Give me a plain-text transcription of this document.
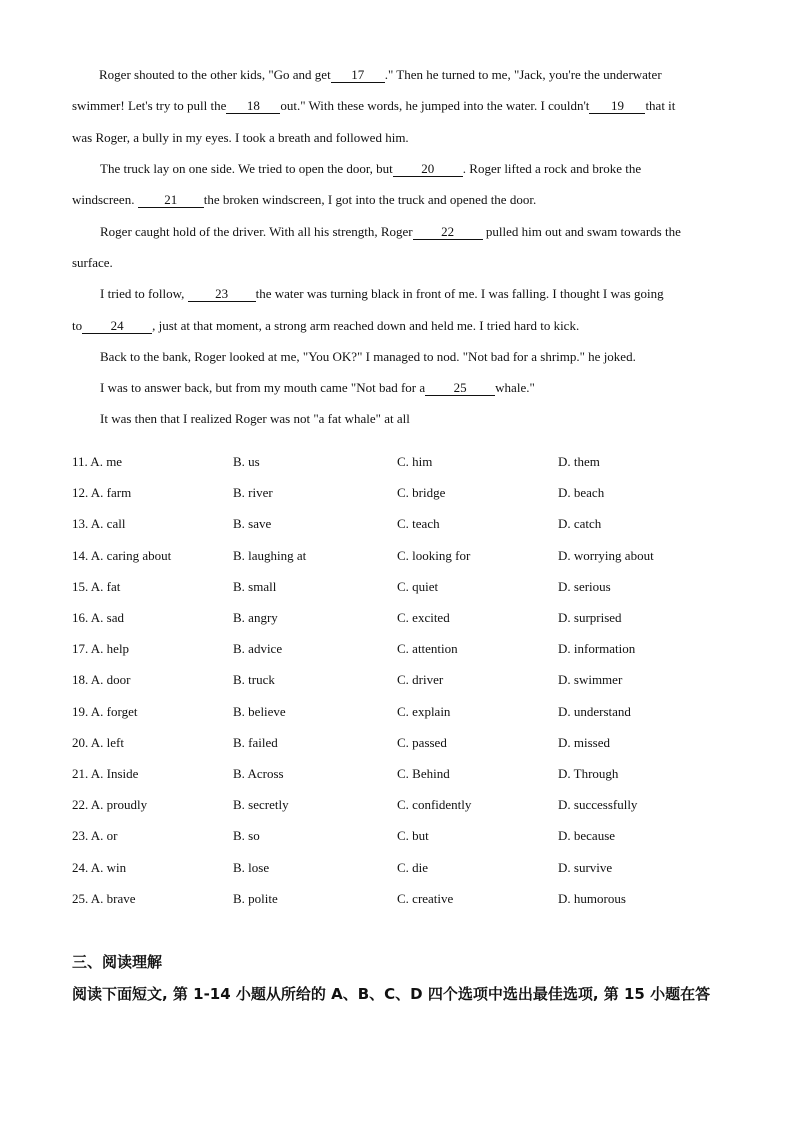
Roger shouted to the other kids, "Go and get 17 ." Then he turned to me, "Jack, you're the underwater
swimmer! Let's try to pull the 18 out." With these words, he jumped into the water. I couldn't 19 that it
was Roger, a bully in my eyes. I took a breath and followed him.
The truck lay on one side. We tried to open the door, but 20 . Roger lifted a rock and broke the
windscreen. 21 the broken windscreen, I got into the truck and opened the door.
Roger caught hold of the driver. With all his strength, Roger 22 pulled him out and swam towards the
surface.
I tried to follow, 23 the water was turning black in front of me. I was falling. I thought I was going
to 24 , just at that moment, a strong arm reached down and held me. I tried hard to kick.
Back to the bank, Roger looked at me, "You OK?" I managed to nod. "Not bad for a shrimp." he joked.
I was to answer back, but from my mouth came "Not bad for a 25 whale."
It was then that I realized Roger was not "a fat whale" at all
11. A. me	B. us	C. him	D. them
12. A. farm	B. river	C. bridge	D. beach
13. A. call	B. save	C. teach	D. catch
14. A. caring about	B. laughing at	C. looking for	D. worrying about
15. A. fat	B. small	C. quiet	D. serious
16. A. sad	B. angry	C. excited	D. surprised
17. A. help	B. advice	C. attention	D. information
18. A. door	B. truck	C. driver	D. swimmer
19. A. forget	B. believe	C. explain	D. understand
20. A. left	B. failed	C. passed	D. missed
21. A. Inside	B. Across	C. Behind	D. Through
22. A. proudly	B. secretly	C. confidently	D. successfully
23. A. or	B. so	C. but	D. because
24. A. win	B. lose	C. die	D. survive
25. A. brave	B. polite	C. creative	D. humorous
三、阅读理解
阅读下面短文, 第 1-14 小题从所给的 A、B、C、D 四个选项中选出最佳选项, 第 15 小题在答
